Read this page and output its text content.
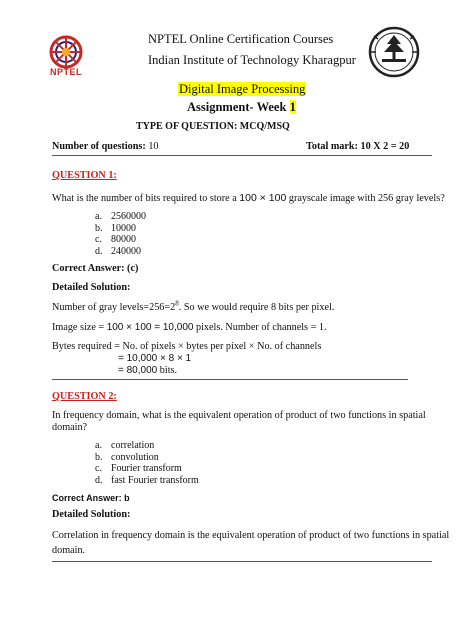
NPTEL
NPTEL Online Certification Courses
Indian Institute of Technology Kharagpur
Digital Image Processing
Assignment- Week 1
TYPE OF QUESTION: MCQ/MSQ
Number of questions: 10	Total mark: 10 X 2 = 20
QUESTION 1:
What is the number of bits required to store a 100 × 100 grayscale image with 256 gray levels?
a. 2560000
b. 10000
c. 80000
d. 240000
Correct Answer: (c)
Detailed Solution:
Number of gray $levels=256=2^8$. So we would require 8 bits per pixel.
Image size = 100 × 100 = 10,000 pixels. Number of channels = 1.
Bytes required = No. of pixels × bytes per pixel × No. of channels
= 10,000 × 8 × 1
= 80,000 bits.
QUESTION 2:
In frequency domain, what is the equivalent operation of product of two functions in spatial
domain?
a. correlation
b. convolution
c. Fourier transform
d. fast Fourier transform
Correct Answer: b
Detailed Solution:
Correlation in frequency domain is the equivalent operation of product of two functions in spatial
domain.
